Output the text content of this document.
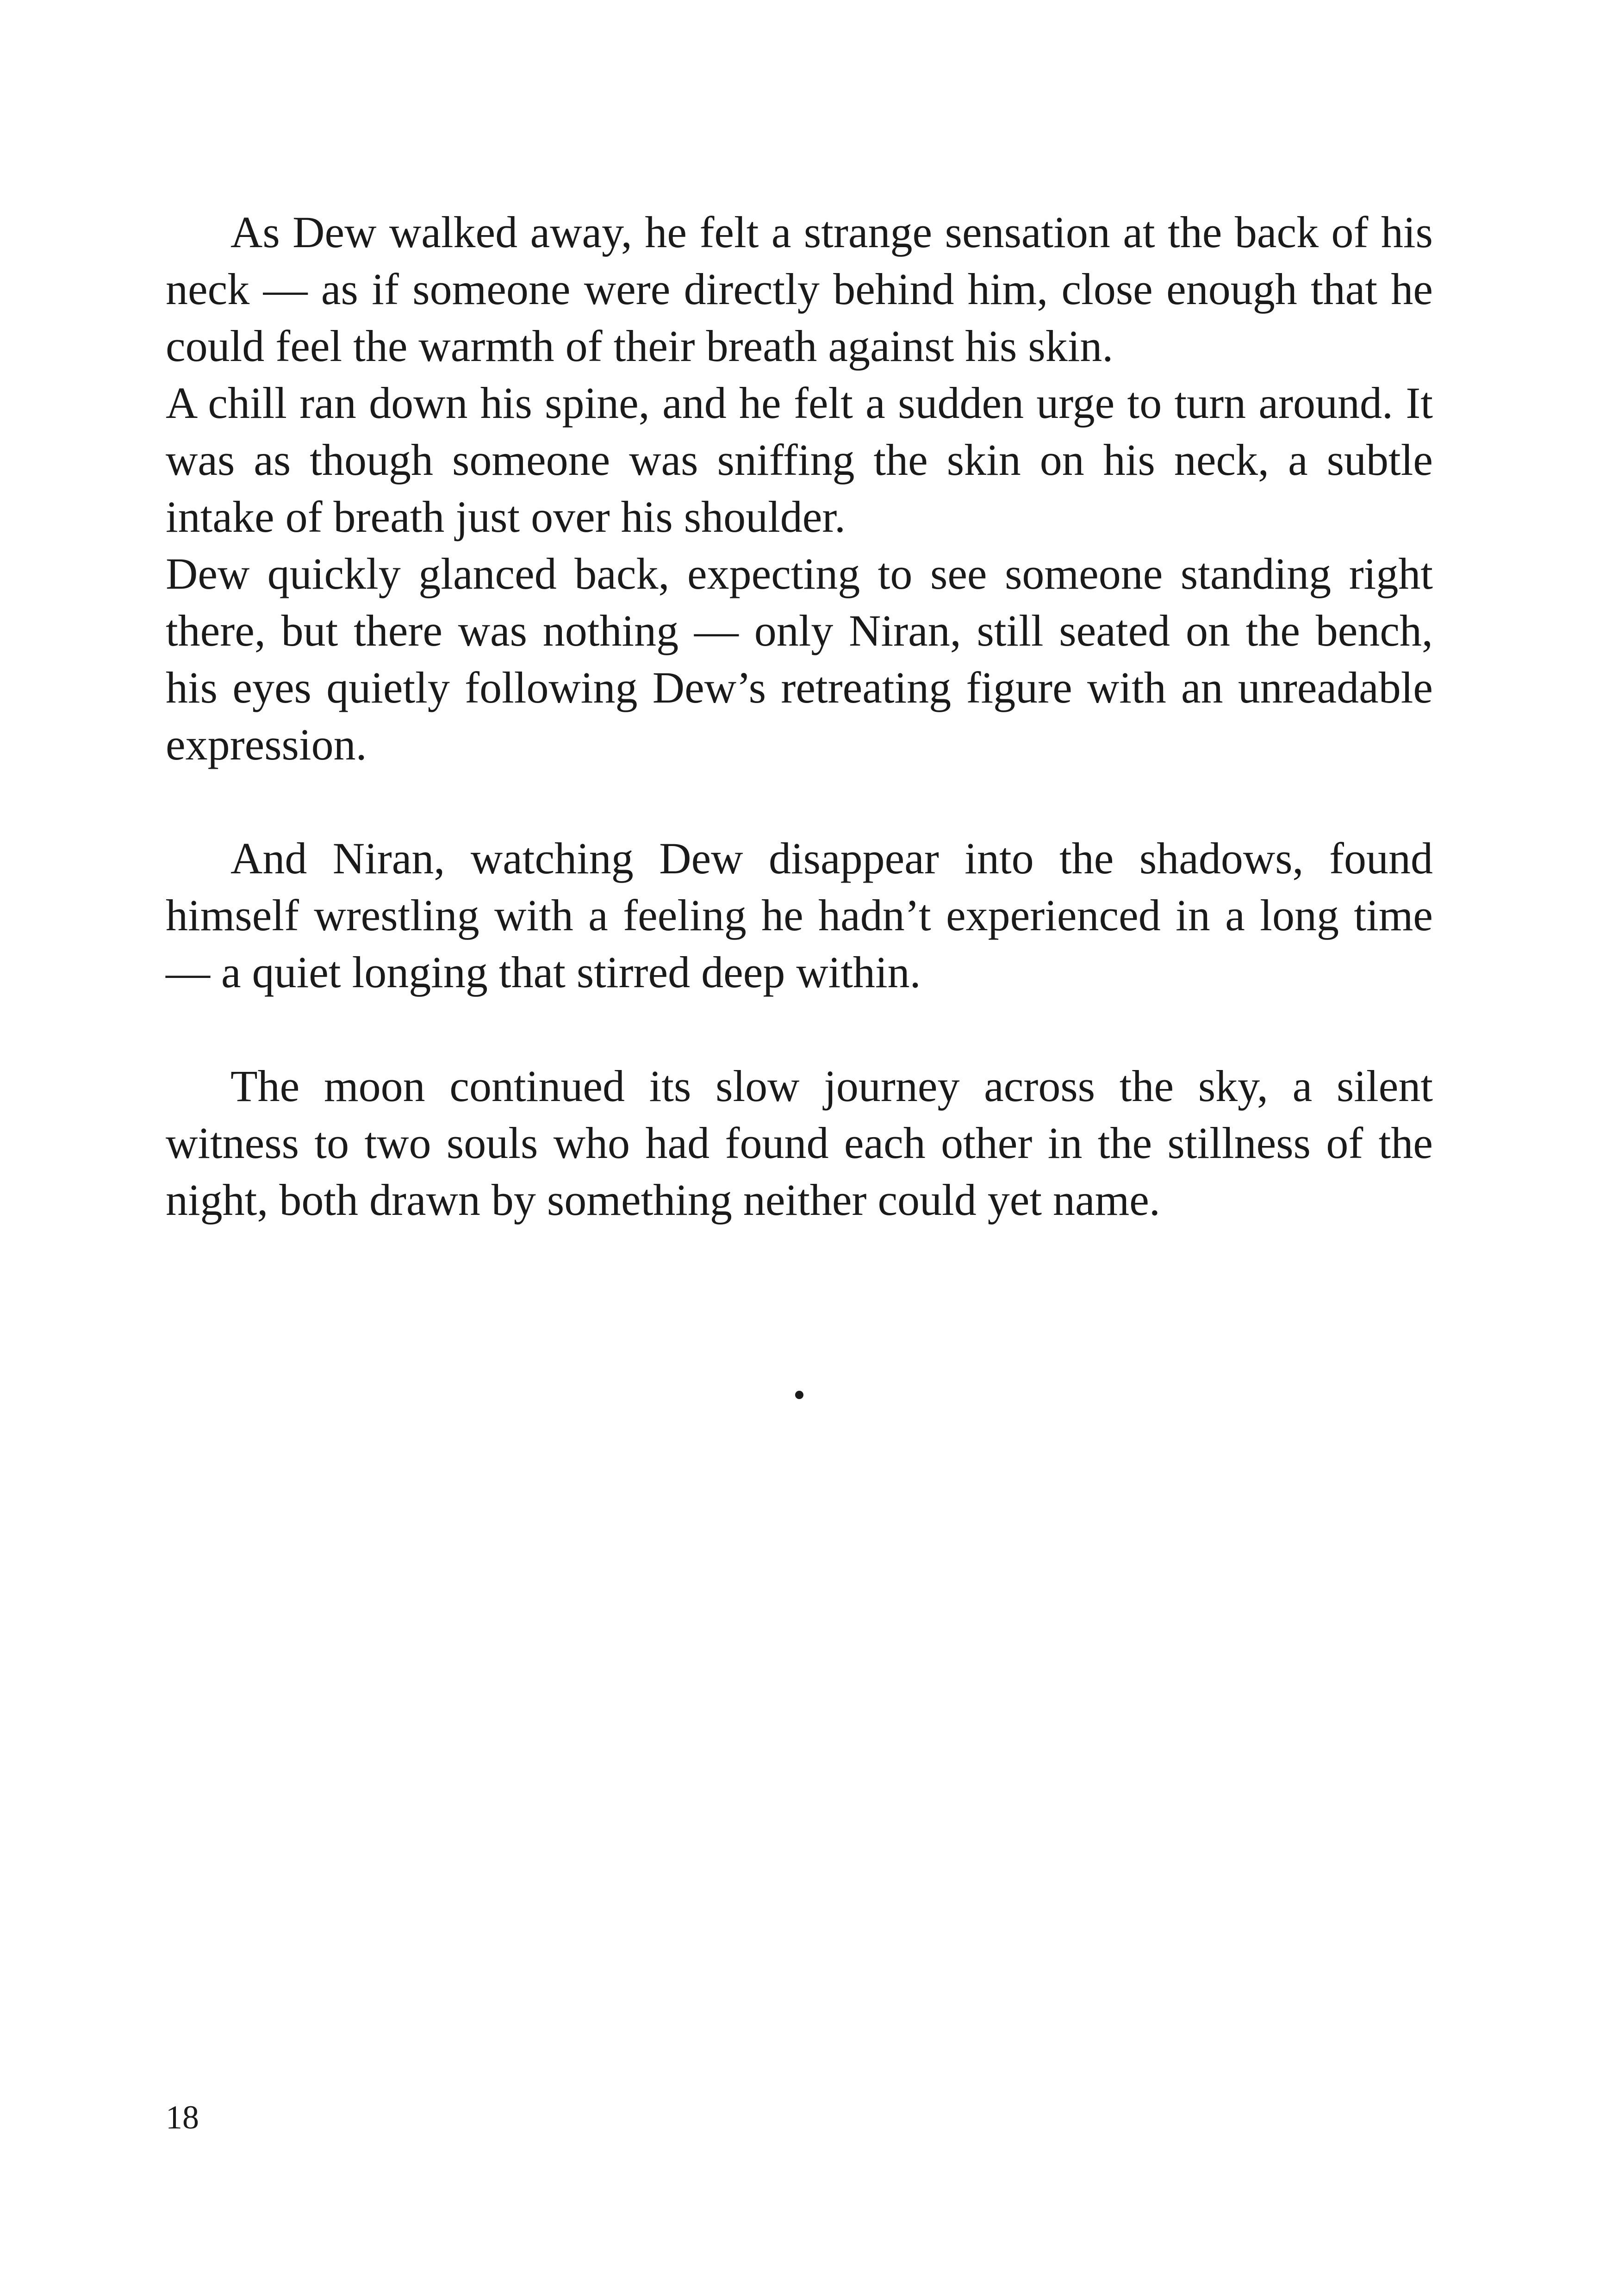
As Dew walked away, he felt a strange sensation at the back of his neck — as if someone were directly behind him, close enough that he could feel the warmth of their breath against his skin.

A chill ran down his spine, and he felt a sudden urge to turn around. It was as though someone was sniffing the skin on his neck, a subtle intake of breath just over his shoulder.

Dew quickly glanced back, expecting to see someone standing right there, but there was nothing — only Niran, still seated on the bench, his eyes quietly following Dew’s retreating figure with an unreadable expression.

And Niran, watching Dew disappear into the shadows, found himself wrestling with a feeling he hadn’t experienced in a long time — a quiet longing that stirred deep within.

The moon continued its slow journey across the sky, a silent witness to two souls who had found each other in the stillness of the night, both drawn by something neither could yet name.

18
